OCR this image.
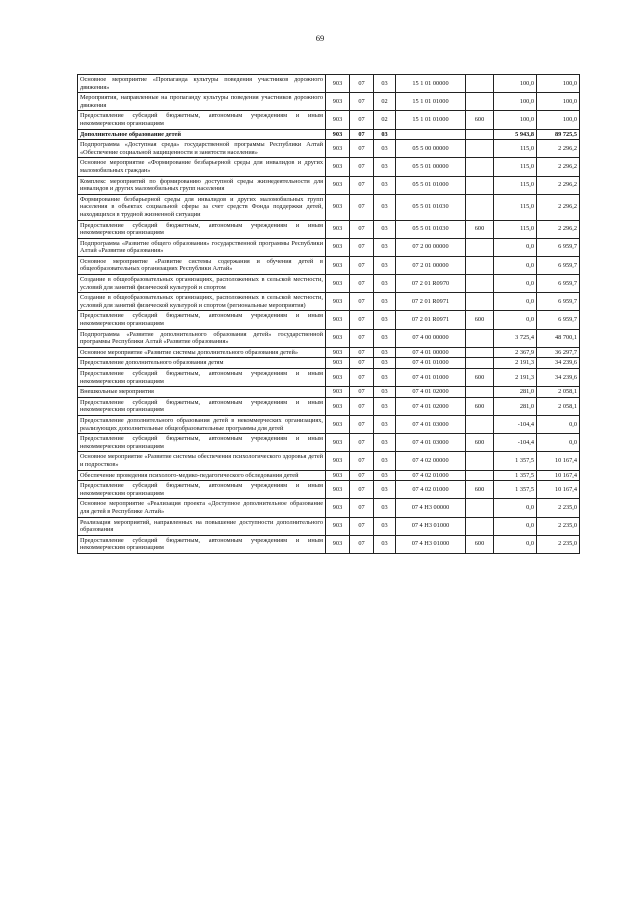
69
Основное мероприятие «Пропаганда культуры поведения участников дорожного движения»	903	07	03	15 1 01 00000		100,0	100,0
Мероприятия, направленные на пропаганду культуры поведения участников дорожного движения	903	07	02	15 1 01 01000		100,0	100,0
Предоставление субсидий бюджетным, автономным учреждениям и иным некоммерческим организациям	903	07	02	15 1 01 01000	600	100,0	100,0
Дополнительное образование детей	903	07	03			5 943,8	89 725,5
Подпрограмма «Доступная среда» государственной программы Республики Алтай «Обеспечение социальной защищенности и занятости населения»	903	07	03	05 5 00 00000		115,0	2 296,2
Основное мероприятие «Формирование безбарьерной среды для инвалидов и других маломобильных граждан»	903	07	03	05 5 01 00000		115,0	2 296,2
Комплекс мероприятий по формированию доступной среды жизнедеятельности для инвалидов и других маломобильных групп населения	903	07	03	05 5 01 01000		115,0	2 296,2
Формирование безбарьерной среды для инвалидов и других маломобильных групп населения в объектах социальной сферы за счет средств Фонда поддержки детей, находящихся в трудной жизненной ситуации	903	07	03	05 5 01 01030		115,0	2 296,2
Предоставление субсидий бюджетным, автономным учреждениям и иным некоммерческим организациям	903	07	03	05 5 01 01030	600	115,0	2 296,2
Подпрограмма «Развитие общего образования» государственной программы Республики Алтай «Развитие образования»	903	07	03	07 2 00 00000		0,0	6 959,7
Основное мероприятие «Развитие системы содержания и обучения детей в общеобразовательных организациях Республики Алтай»	903	07	03	07 2 01 00000		0,0	6 959,7
Создание в общеобразовательных организациях, расположенных в сельской местности, условий для занятий физической культурой и спортом	903	07	03	07 2 01 R0970		0,0	6 959,7
Создание в общеобразовательных организациях, расположенных в сельской местности, условий для занятий физической культурой и спортом (региональные мероприятия)	903	07	03	07 2 01 R0971		0,0	6 959,7
Предоставление субсидий бюджетным, автономным учреждениям и иным некоммерческим организациям	903	07	03	07 2 01 R0971	600	0,0	6 959,7
Подпрограмма «Развитие дополнительного образования детей» государственной программы Республики Алтай «Развитие образования»	903	07	03	07 4 00 00000		3 725,4	48 700,1
Основное мероприятие «Развитие системы дополнительного образования детей»	903	07	03	07 4 01 00000		2 367,9	36 297,7
Предоставление дополнительного образования детям	903	07	03	07 4 01 01000		2 191,3	34 239,6
Предоставление субсидий бюджетным, автономным учреждениям и иным некоммерческим организациям	903	07	03	07 4 01 01000	600	2 191,3	34 239,6
Внешкольные мероприятия	903	07	03	07 4 01 02000		281,0	2 058,1
Предоставление субсидий бюджетным, автономным учреждениям и иным некоммерческим организациям	903	07	03	07 4 01 02000	600	281,0	2 058,1
Предоставление дополнительного образования детей в некоммерческих организациях, реализующих дополнительные общеобразовательные программы для детей	903	07	03	07 4 01 03000		-104,4	0,0
Предоставление субсидий бюджетным, автономным учреждениям и иным некоммерческим организациям	903	07	03	07 4 01 03000	600	-104,4	0,0
Основное мероприятие «Развитие системы обеспечения психологического здоровья детей и подростков»	903	07	03	07 4 02 00000		1 357,5	10 167,4
Обеспечение проведения психолого-медико-педагогического обследования детей	903	07	03	07 4 02 01000		1 357,5	10 167,4
Предоставление субсидий бюджетным, автономным учреждениям и иным некоммерческим организациям	903	07	03	07 4 02 01000	600	1 357,5	10 167,4
Основное мероприятие «Реализация проекта «Доступное дополнительное образование для детей в Республике Алтай»	903	07	03	07 4 Н3 00000		0,0	2 235,0
Реализация мероприятий, направленных на повышение доступности дополнительного образования	903	07	03	07 4 Н3 01000		0,0	2 235,0
Предоставление субсидий бюджетным, автономным учреждениям и иным некоммерческим организациям	903	07	03	07 4 Н3 01000	600	0,0	2 235,0
